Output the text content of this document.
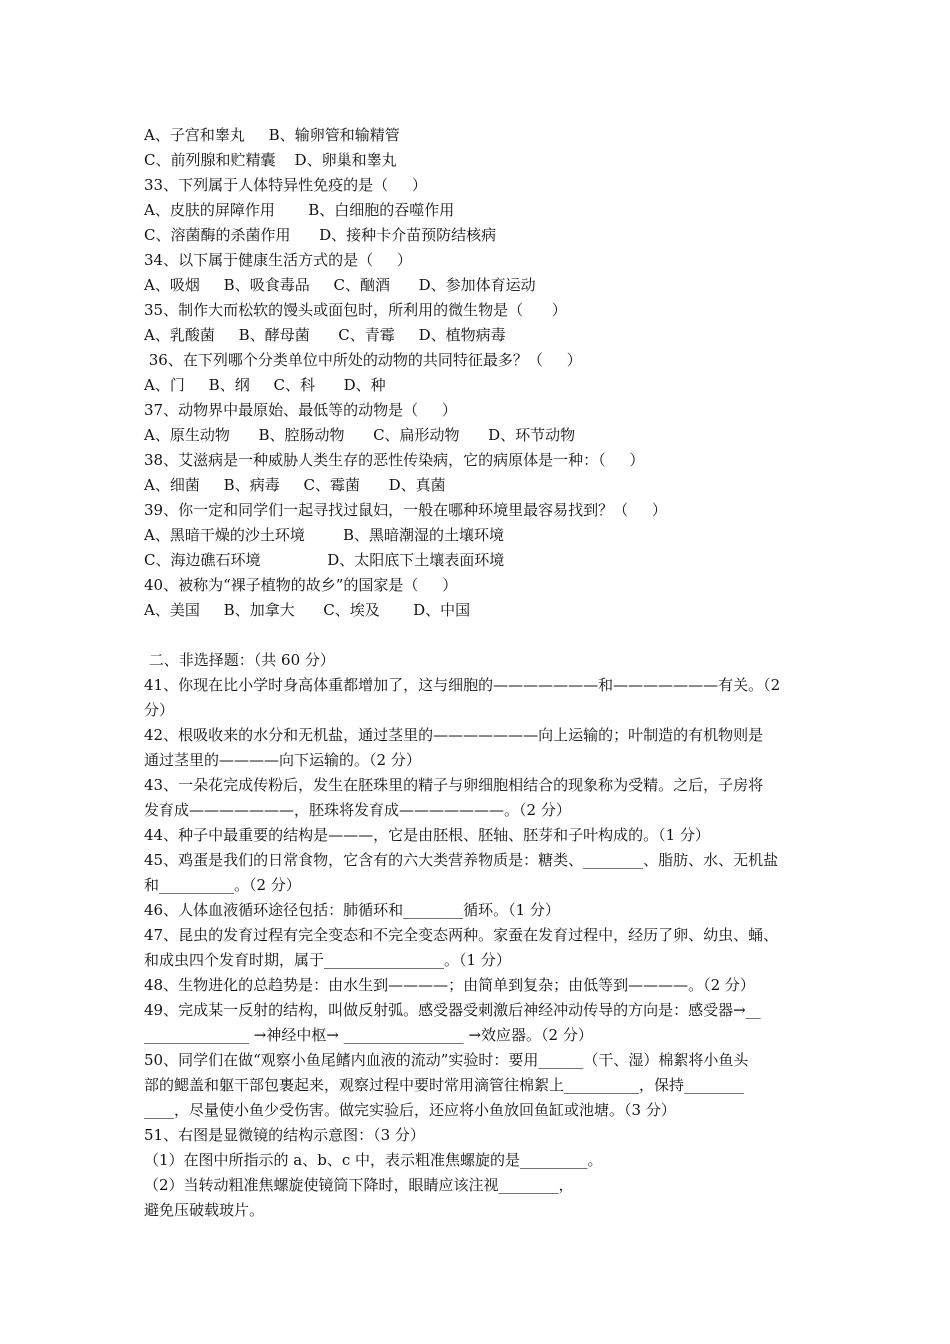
A、子宫和睾丸     B、输卵管和输精管
C、前列腺和贮精囊    D、卵巢和睾丸
33、下列属于人体特异性免疫的是（     ）
A、皮肤的屏障作用       B、白细胞的吞噬作用
C、溶菌酶的杀菌作用      D、接种卡介苗预防结核病
34、以下属于健康生活方式的是（     ）
A、吸烟     B、吸食毒品     C、酗酒      D、参加体育运动
35、制作大而松软的馒头或面包时，所利用的微生物是（      ）
A、乳酸菌     B、酵母菌      C、青霉     D、植物病毒
36、在下列哪个分类单位中所处的动物的共同特征最多？（     ）
A、门     B、纲     C、科      D、种
37、动物界中最原始、最低等的动物是（     ）
A、原生动物      B、腔肠动物      C、扁形动物      D、环节动物
38、艾滋病是一种威胁人类生存的恶性传染病，它的病原体是一种：（     ）
A、细菌     B、病毒     C、霉菌      D、真菌
39、你一定和同学们一起寻找过鼠妇，一般在哪种环境里最容易找到？（     ）
A、黑暗干燥的沙土环境        B、黑暗潮湿的土壤环境
C、海边礁石环境              D、太阳底下土壤表面环境
40、被称为“裸子植物的故乡”的国家是（     ）
A、美国     B、加拿大      C、埃及       D、中国
二、非选择题：（共 60 分）
41、你现在比小学时身高体重都增加了，这与细胞的———————和———————有关。（2
分）
42、根吸收来的水分和无机盐，通过茎里的———————向上运输的；叶制造的有机物则是
通过茎里的————向下运输的。（2 分）
43、一朵花完成传粉后，发生在胚珠里的精子与卵细胞相结合的现象称为受精。之后，子房将
发育成———————，胚珠将发育成———————。（2 分）
44、种子中最重要的结构是———，它是由胚根、胚轴、胚芽和子叶构成的。（1 分）
45、鸡蛋是我们的日常食物，它含有的六大类营养物质是：糖类、________、脂肪、水、无机盐
和__________。（2 分）
46、人体血液循环途径包括：肺循环和________循环。（1 分）
47、昆虫的发育过程有完全变态和不完全变态两种。家蚕在发育过程中，经历了卵、幼虫、蛹、
和成虫四个发育时期，属于________________。（1 分）
48、生物进化的总趋势是：由水生到————；由简单到复杂；由低等到————。（2 分）
49、完成某一反射的结构，叫做反射弧。感受器受刺激后神经冲动传导的方向是：感受器→__
______________ →神经中枢→ ________________ →效应器。（2 分）
50、同学们在做“观察小鱼尾鳍内血液的流动”实验时：要用______（干、湿）棉絮将小鱼头
部的鳃盖和躯干部包裹起来，观察过程中要时常用滴管往棉絮上__________，保持________
____，尽量使小鱼少受伤害。做完实验后，还应将小鱼放回鱼缸或池塘。（3 分）
51、右图是显微镜的结构示意图：（3 分）
（1）在图中所指示的 a、b、c 中，表示粗准焦螺旋的是_________。
（2）当转动粗准焦螺旋使镜筒下降时，眼睛应该注视________，
避免压破载玻片。
